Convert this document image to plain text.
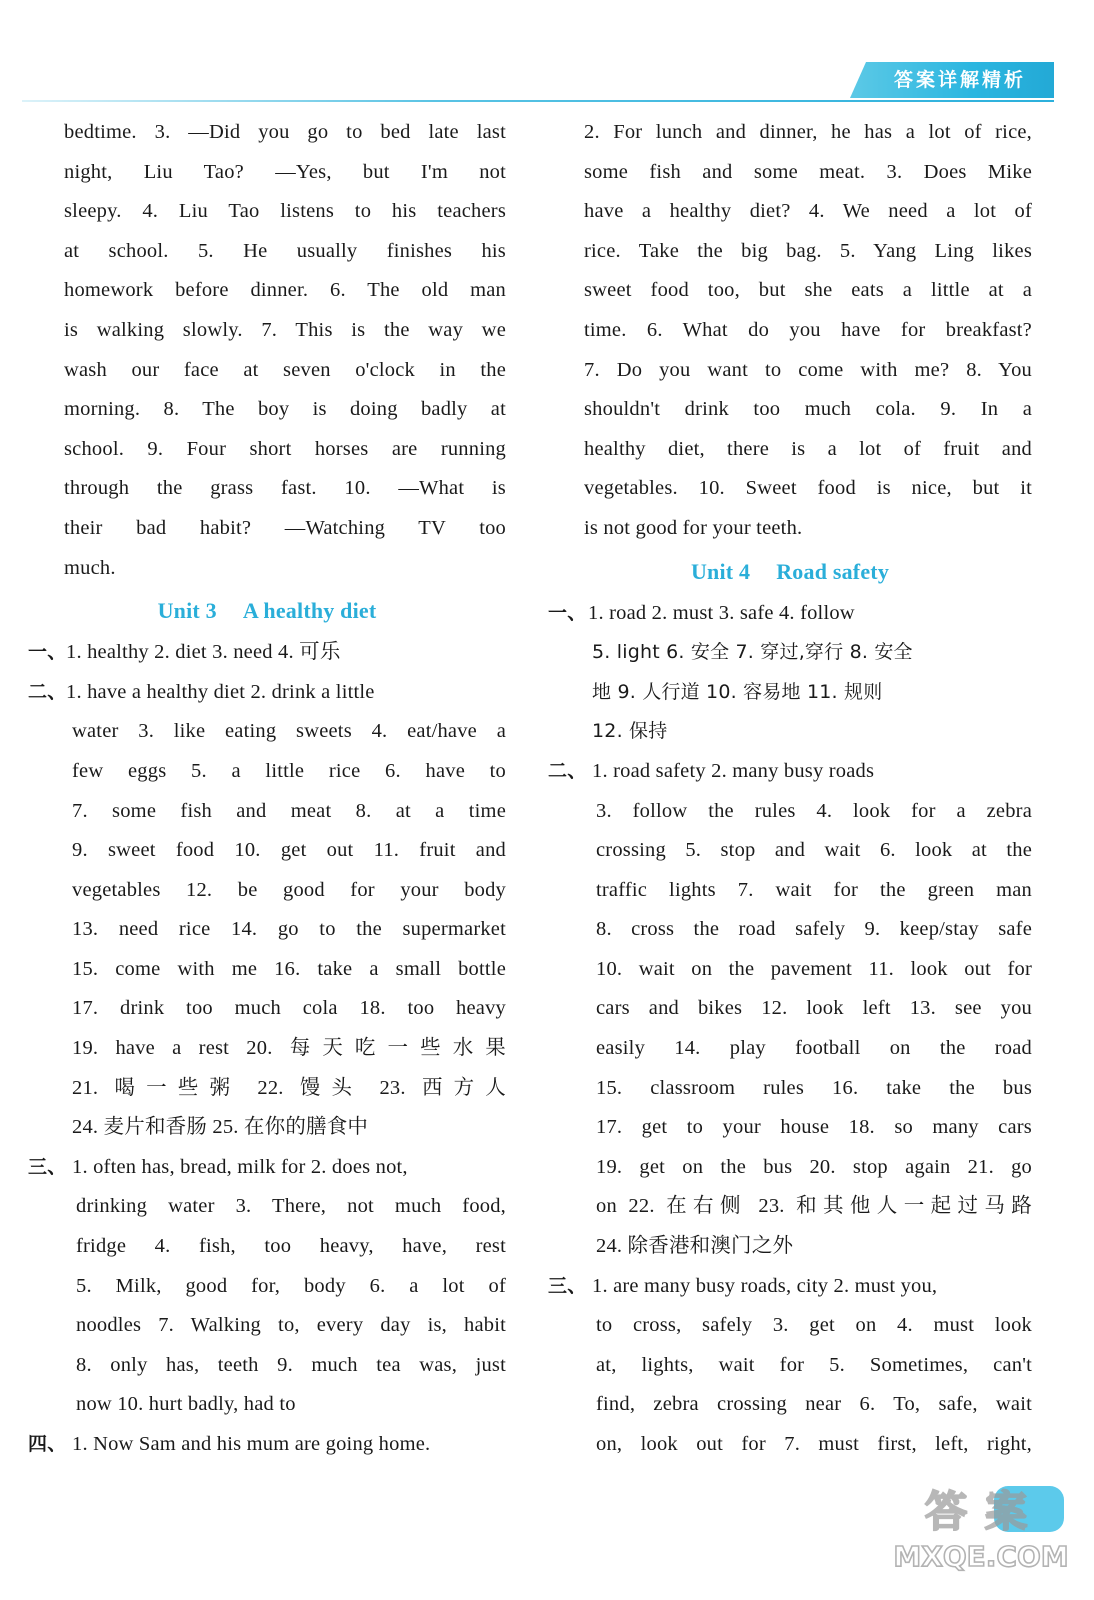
答案详解精析
bedtime. 3. —Did you go to bed late last
night, Liu Tao? —Yes, but I'm not
sleepy. 4. Liu Tao listens to his teachers
at school. 5. He usually finishes his
homework before dinner. 6. The old man
is walking slowly. 7. This is the way we
wash our face at seven o'clock in the
morning. 8. The boy is doing badly at
school. 9. Four short horses are running
through the grass fast. 10. —What is
their bad habit? —Watching TV too
much.
Unit 3 A healthy diet
一、1. healthy 2. diet 3. need 4. 可乐
二、1. have a healthy diet 2. drink a little
water 3. like eating sweets 4. eat/have a
few eggs 5. a little rice 6. have to
7. some fish and meat 8. at a time
9. sweet food 10. get out 11. fruit and
vegetables 12. be good for your body
13. need rice 14. go to the supermarket
15. come with me 16. take a small bottle
17. drink too much cola 18. too heavy
19. have a rest 20. 每天吃一些水果
21. 喝一些粥 22. 馒头 23. 西方人
24. 麦片和香肠 25. 在你的膳食中
三、 1. often has, bread, milk for 2. does not,
drinking water 3. There, not much food,
fridge 4. fish, too heavy, have, rest
5. Milk, good for, body 6. a lot of
noodles 7. Walking to, every day is, habit
8. only has, teeth 9. much tea was, just
now 10. hurt badly, had to
四、 1. Now Sam and his mum are going home.
2. For lunch and dinner, he has a lot of rice,
some fish and some meat. 3. Does Mike
have a healthy diet? 4. We need a lot of
rice. Take the big bag. 5. Yang Ling likes
sweet food too, but she eats a little at a
time. 6. What do you have for breakfast?
7. Do you want to come with me? 8. You
shouldn't drink too much cola. 9. In a
healthy diet, there is a lot of fruit and
vegetables. 10. Sweet food is nice, but it
is not good for your teeth.
Unit 4 Road safety
一、1. road 2. must 3. safe 4. follow
5. light 6. 安全 7. 穿过,穿行 8. 安全
地 9. 人行道 10. 容易地 11. 规则
12. 保持
二、 1. road safety 2. many busy roads
3. follow the rules 4. look for a zebra
crossing 5. stop and wait 6. look at the
traffic lights 7. wait for the green man
8. cross the road safely 9. keep/stay safe
10. wait on the pavement 11. look out for
cars and bikes 12. look left 13. see you
easily 14. play football on the road
15. classroom rules 16. take the bus
17. get to your house 18. so many cars
19. get on the bus 20. stop again 21. go
on 22. 在右侧 23. 和其他人一起过马路
24. 除香港和澳门之外
三、 1. are many busy roads, city 2. must you,
to cross, safely 3. get on 4. must look
at, lights, wait for 5. Sometimes, can't
find, zebra crossing near 6. To, safe, wait
on, look out for 7. must first, left, right,
答 案
MXQE.COM
